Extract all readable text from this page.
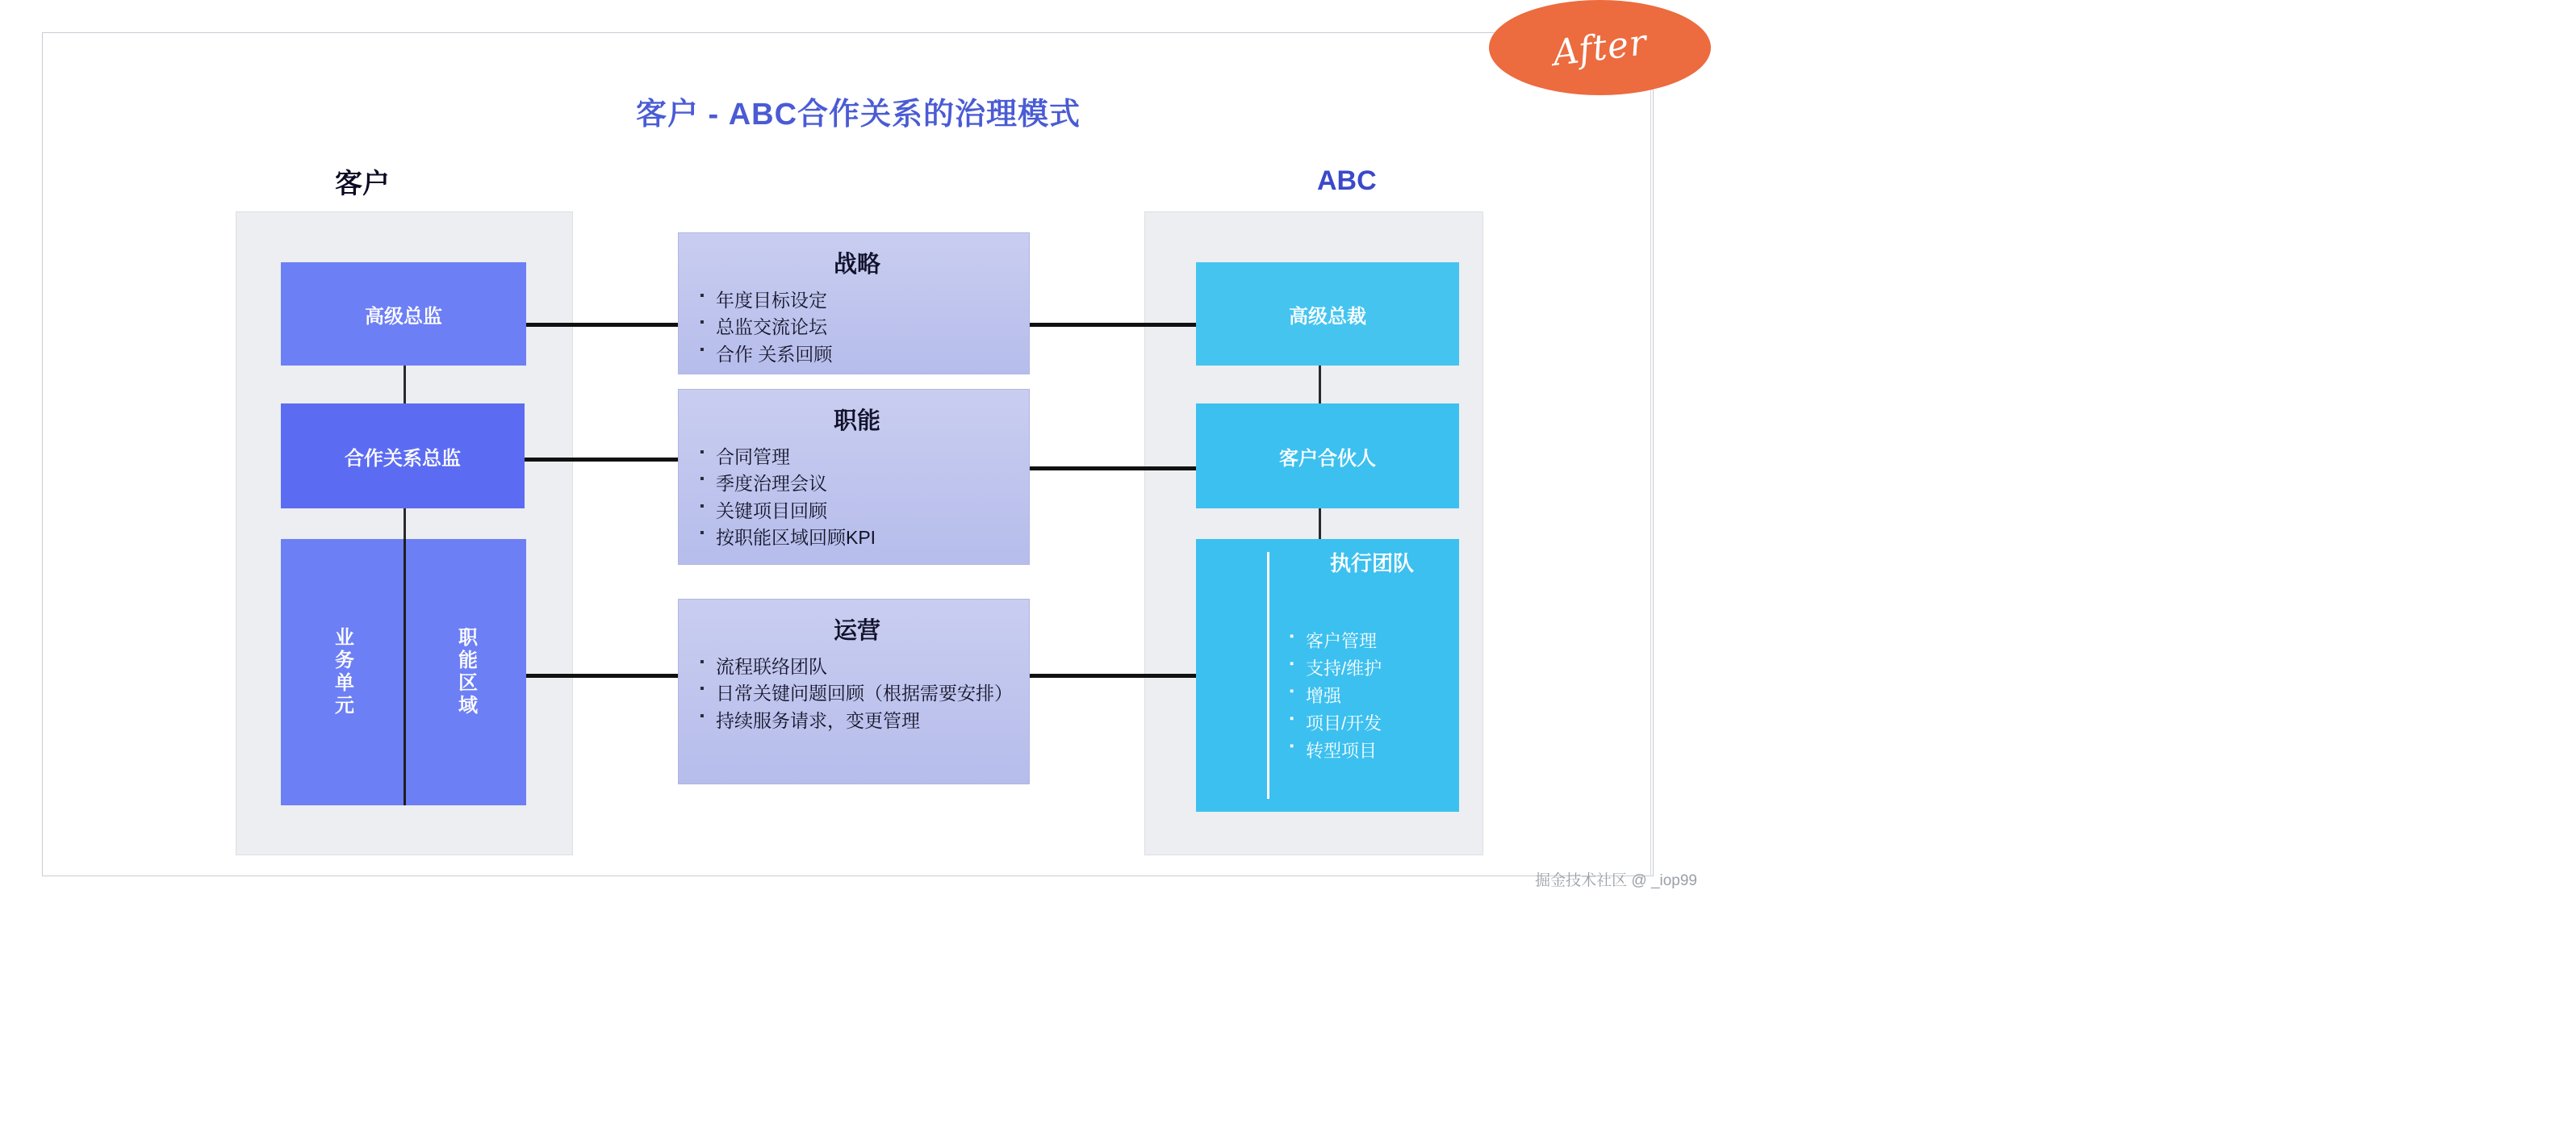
After
客户 - ABC合作关系的治理模式
客户	ABC
高级总监
合作关系总监
业务单元	职能区域
高级总裁
客户合伙人
项目执行总监
执行团队
▪ 客户管理
▪ 支持/维护
▪ 增强
▪ 项目/开发
▪ 转型项目
战略
▪ 年度目标设定
▪ 总监交流论坛
▪ 合作 关系回顾
职能
▪ 合同管理
▪ 季度治理会议
▪ 关键项目回顾
▪ 按职能区域回顾KPI
运营
▪ 流程联络团队
▪ 日常关键问题回顾（根据需要安排）
▪ 持续服务请求，变更管理
掘金技术社区 @ _iop99
